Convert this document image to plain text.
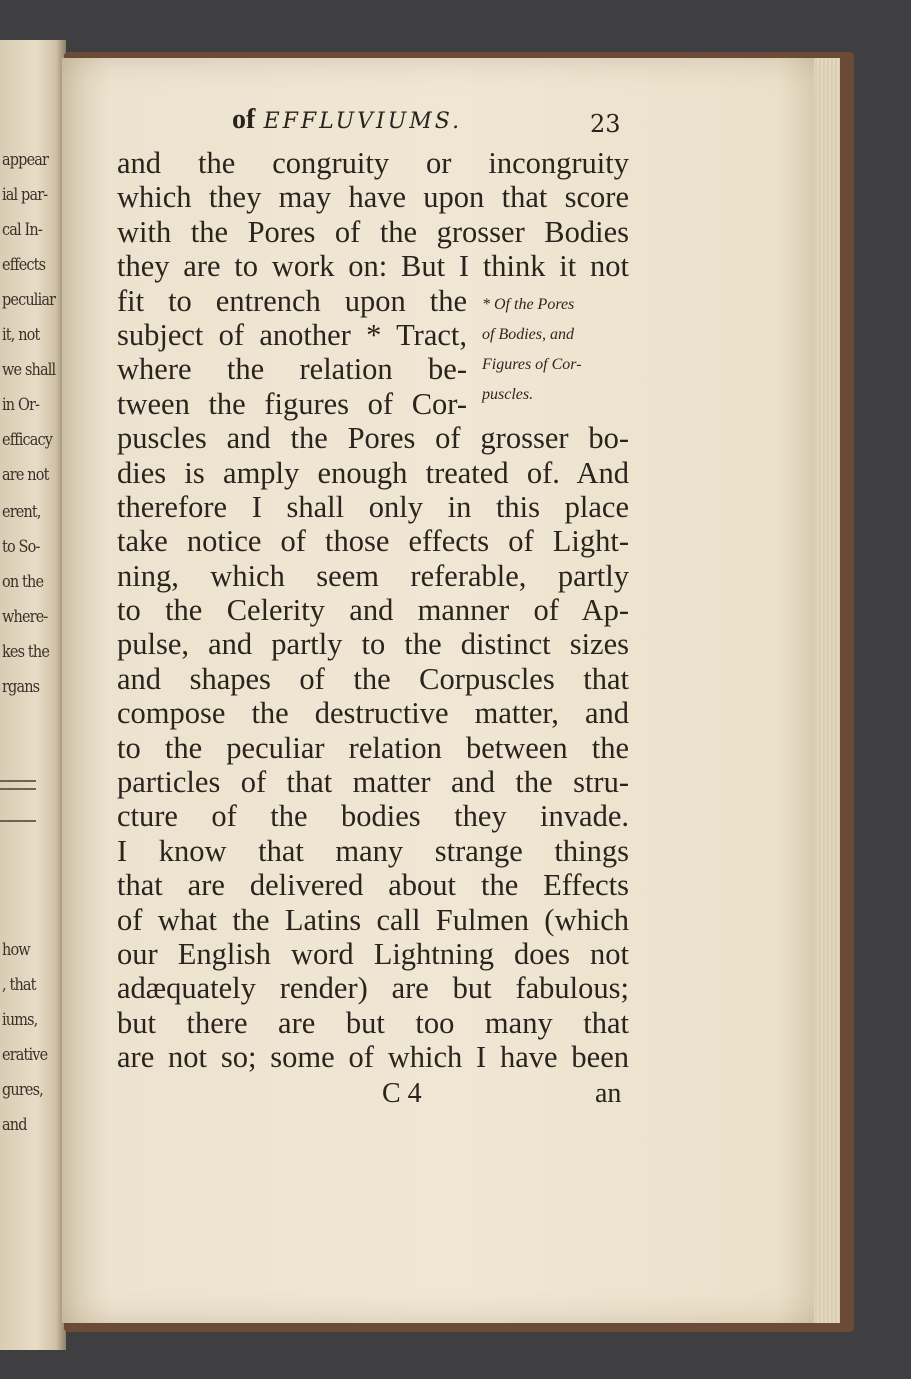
appear
ial par-
cal In-
effects
peculiar
it, not
we shall
in Or-
efficacy
are not
erent,
to So-
on the
where-
kes the
rgans
how
, that
iums,
erative
gures,
and
of EFFLUVIUMS.	23
and the congruity or incongruity
which they may have upon that score
with the Pores of the grosser Bodies
they are to work on: But I think it not
fit to entrench upon the
subject of another * Tract,
where the relation be-
tween the figures of Cor-
puscles and the Pores of grosser bo-
dies is amply enough treated of. And
therefore I shall only in this place
take notice of those effects of Light-
ning, which seem referable, partly
to the Celerity and manner of Ap-
pulse, and partly to the distinct sizes
and shapes of the Corpuscles that
compose the destructive matter, and
to the peculiar relation between the
particles of that matter and the stru-
cture of the bodies they invade.
I know that many strange things
that are delivered about the Effects
of what the Latins call Fulmen (which
our English word Lightning does not
adæquately render) are but fabulous;
but there are but too many that
are not so; some of which I have been
* Of the Pores
of Bodies, and
Figures of Cor-
puscles.
C 4	an
